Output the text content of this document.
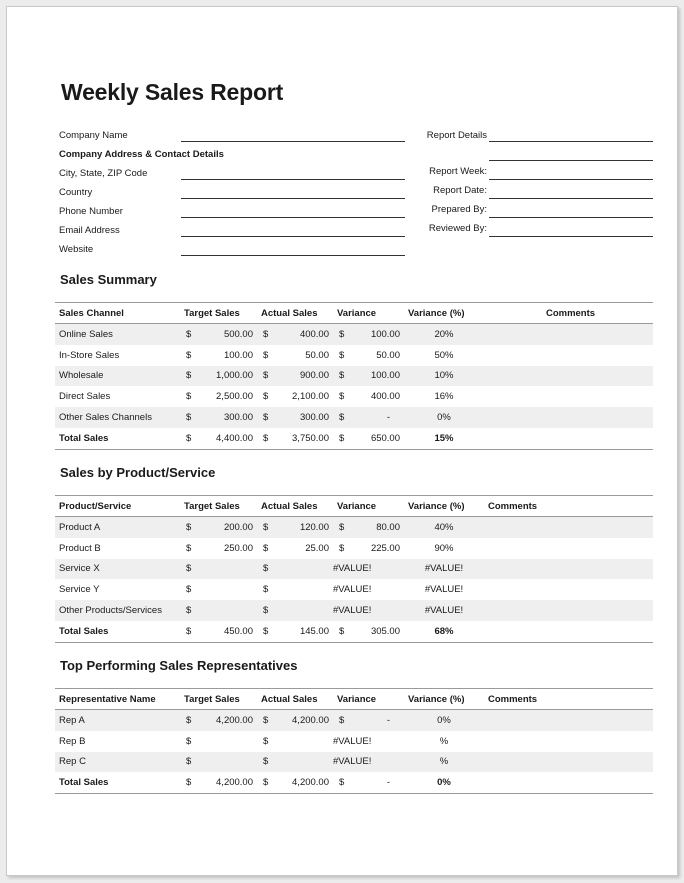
Weekly Sales Report
Company Name
Company Address & Contact Details
City, State, ZIP Code
Country
Phone Number
Email Address
Website
Report Details
Report Week:
Report Date:
Prepared By:
Reviewed By:
Sales Summary
Sales Channel	Target Sales	Actual Sales	Variance	Variance (%)	Comments
Online Sales	$ 500.00	$ 400.00	$ 100.00	20%	
In-Store Sales	$ 100.00	$ 50.00	$ 50.00	50%	
Wholesale	$ 1,000.00	$ 900.00	$ 100.00	10%	
Direct Sales	$ 2,500.00	$ 2,100.00	$ 400.00	16%	
Other Sales Channels	$ 300.00	$ 300.00	$ -	0%	
Total Sales	$ 4,400.00	$ 3,750.00	$ 650.00	15%	
Sales by Product/Service
Product/Service	Target Sales	Actual Sales	Variance	Variance (%)	Comments
Product A	$ 200.00	$ 120.00	$ 80.00	40%	
Product B	$ 250.00	$ 25.00	$ 225.00	90%	
Service X	$	$	#VALUE!	#VALUE!	
Service Y	$	$	#VALUE!	#VALUE!	
Other Products/Services	$	$	#VALUE!	#VALUE!	
Total Sales	$ 450.00	$ 145.00	$ 305.00	68%	
Top Performing Sales Representatives
Representative Name	Target Sales	Actual Sales	Variance	Variance (%)	Comments
Rep A	$ 4,200.00	$ 4,200.00	$ -	0%	
Rep B	$	$	#VALUE!	%	
Rep C	$	$	#VALUE!	%	
Total Sales	$ 4,200.00	$ 4,200.00	$ -	0%	
